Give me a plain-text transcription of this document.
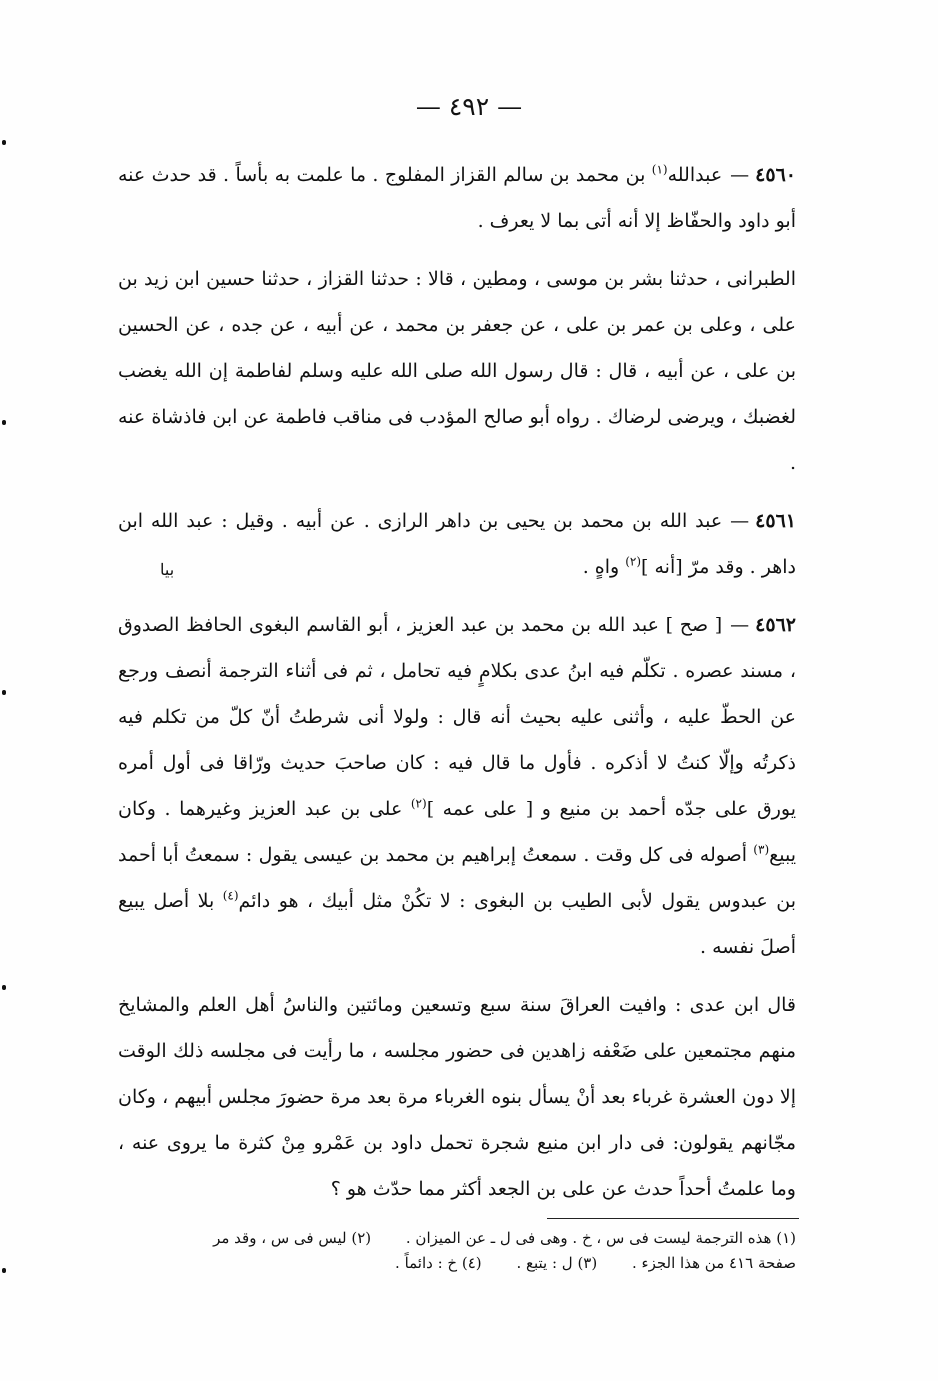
— ٤٩٢ —

٤٥٦٠—عبدالله$^{(١)}$ بن محمد بن سالم القزاز المفلوج . ما علمت به بأساً . قد حدث عنه أبو داود والحفّاظ إلا أنه أتى بما لا يعرف .

الطبرانى ، حدثنا بشر بن موسى ، ومطين ، قالا : حدثنا القزاز ، حدثنا حسين ابن زيد بن على ، وعلى بن عمر بن على ، عن جعفر بن محمد ، عن أبيه ، عن جده ، عن الحسين بن على ، عن أبيه ، قال : قال رسول الله صلى الله عليه وسلم لفاطمة إن الله يغضب لغضبك ، ويرضى لرضاك . رواه أبو صالح المؤدب فى مناقب فاطمة عن ابن فاذشاة عنه .

٤٥٦١—عبد الله بن محمد بن يحيى بن داهر الرازى . عن أبيه . وقيل : عبد الله ابن داهر . وقد مرّ [أنه ]$^{(٢)}$ واهٍ .

٤٥٦٢—[ صح ] عبد الله بن محمد بن عبد العزيز ، أبو القاسم البغوى الحافظ الصدوق ، مسند عصره . تكلّم فيه ابنُ عدى بكلامٍ فيه تحامل ، ثم فى أثناء الترجمة أنصف ورجع عن الحطّ عليه ، وأثنى عليه بحيث أنه قال : ولولا أنى شرطتُ أنّ كلّ من تكلم فيه ذكرتُه وإلّا كنتُ لا أذكره . فأول ما قال فيه : كان صاحبَ حديث ورّاقا فى أول أمره يورق على جدّه أحمد بن منيع و [ على عمه ]$^{(٢)}$ على بن عبد العزيز وغيرهما . وكان يبيع$^{(٣)}$ أصوله فى كل وقت . سمعتُ إبراهيم بن محمد بن عيسى يقول : سمعتُ أبا أحمد بن عبدوس يقول لأبى الطيب بن البغوى : لا تكُنْ مثل أبيك ، هو دائم$^{(٤)}$ بلا أصل يبيع أصلَ نفسه .

قال ابن عدى : وافيت العراقَ سنة سبع وتسعين ومائتين والناسُ أهل العلم والمشايخ منهم مجتمعين على ضَعْفه زاهدين فى حضور مجلسه ، ما رأيت فى مجلسه ذلك الوقت إلا دون العشرة غرباء بعد أنْ يسأل بنوه الغرباء مرة بعد مرة حضورَ مجلس أبيهم ، وكان مجّانهم يقولون: فى دار ابن منيع شجرة تحمل داود بن عَمْرو مِنْ كثرة ما يروى عنه ، وما علمتُ أحداً حدث عن على بن الجعد أكثر مما حدّث هو ؟

بيا
(١) هذه الترجمة ليست فى س ، خ . وهى فى ل ـ عن الميزان . (٢) ليس فى س ، وقد مر
صفحة ٤١٦ من هذا الجزء . (٣) ل : يتبع . (٤) خ : دائماً .
